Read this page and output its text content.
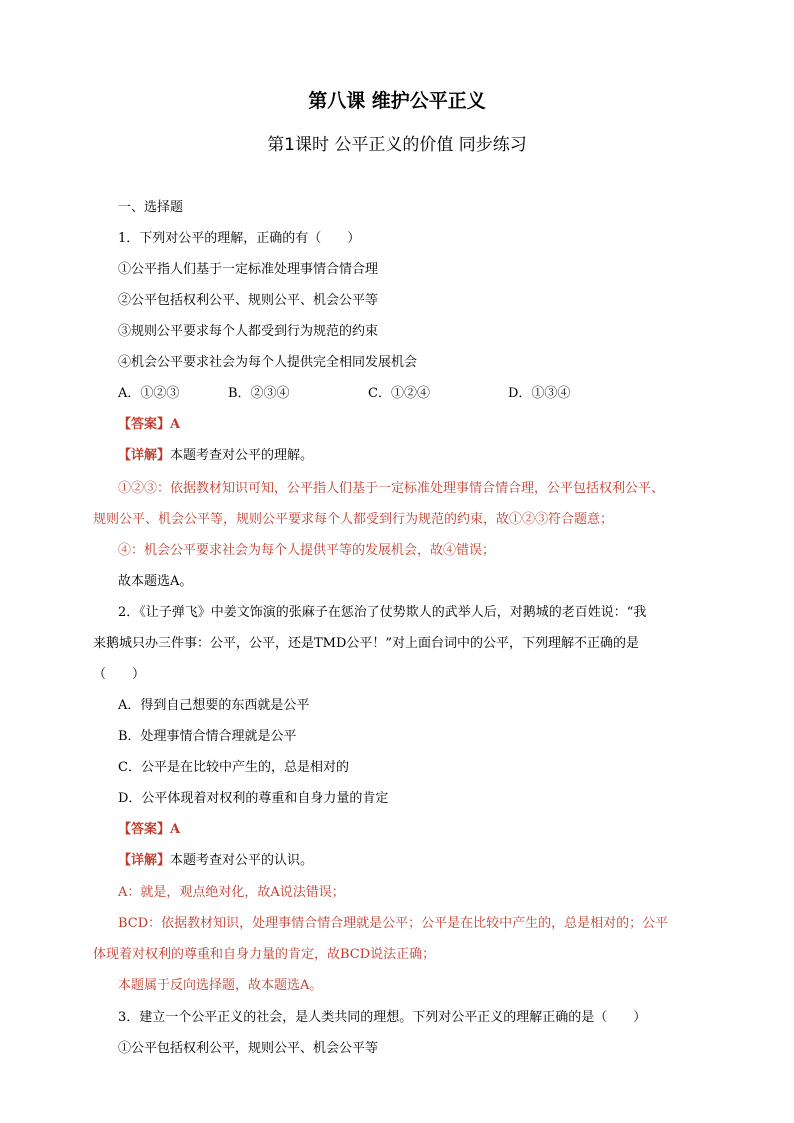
第八课 维护公平正义
第1课时 公平正义的价值 同步练习
一、选择题
1．下列对公平的理解，正确的有（　　）
①公平指人们基于一定标准处理事情合情合理
②公平包括权利公平、规则公平、机会公平等
③规则公平要求每个人都受到行为规范的约束
④机会公平要求社会为每个人提供完全相同发展机会
A．①②③	B．②③④	C．①②④	D．①③④
【答案】A
【详解】本题考查对公平的理解。
①②③：依据教材知识可知，公平指人们基于一定标准处理事情合情合理，公平包括权利公平、
规则公平、机会公平等，规则公平要求每个人都受到行为规范的约束，故①②③符合题意；
④：机会公平要求社会为每个人提供平等的发展机会，故④错误；
故本题选A。
2．《让子弹飞》中姜文饰演的张麻子在惩治了仗势欺人的武举人后，对鹅城的老百姓说：“我
来鹅城只办三件事：公平，公平，还是TMD公平！”对上面台词中的公平，下列理解不正确的是
（　　）
A．得到自己想要的东西就是公平
B．处理事情合情合理就是公平
C．公平是在比较中产生的，总是相对的
D．公平体现着对权利的尊重和自身力量的肯定
【答案】A
【详解】本题考查对公平的认识。
A：就是，观点绝对化，故A说法错误；
BCD：依据教材知识，处理事情合情合理就是公平；公平是在比较中产生的，总是相对的；公平
体现着对权利的尊重和自身力量的肯定，故BCD说法正确；
本题属于反向选择题，故本题选A。
3．建立一个公平正义的社会，是人类共同的理想。下列对公平正义的理解正确的是（　　）
①公平包括权利公平，规则公平、机会公平等
